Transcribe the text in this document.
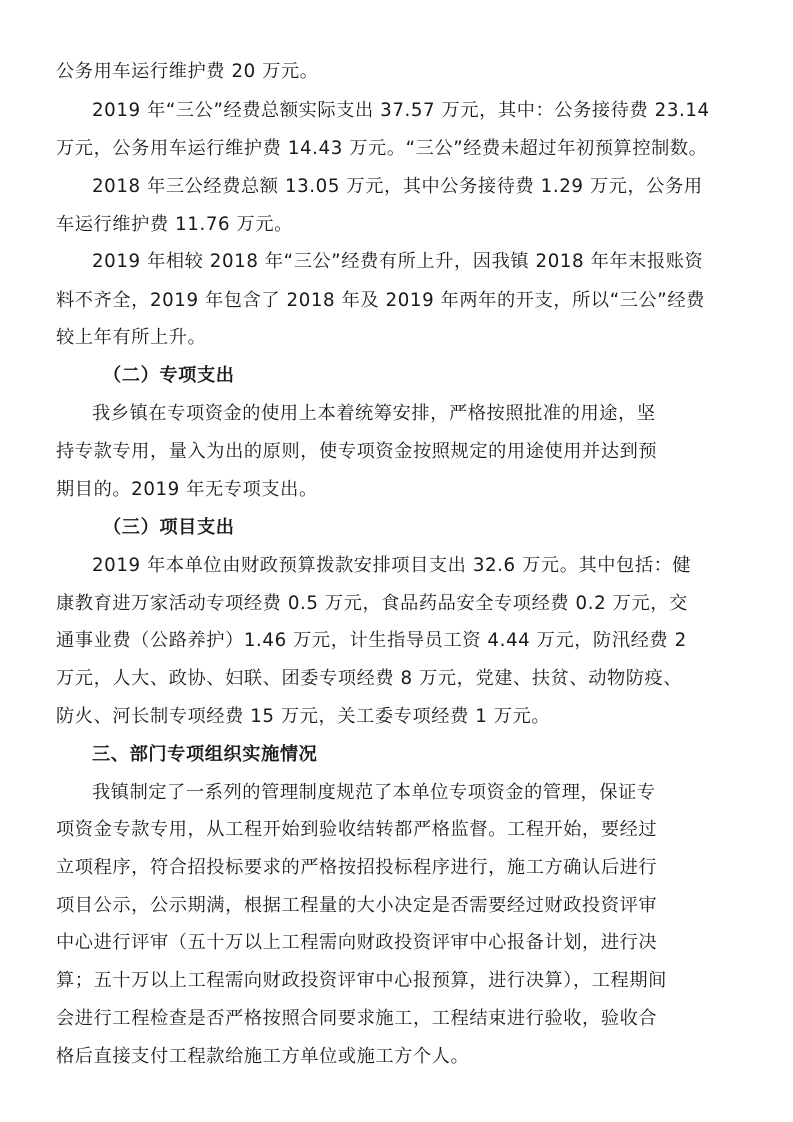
公务用车运行维护费 20 万元。
2019 年“三公”经费总额实际支出 37.57 万元，其中：公务接待费 23.14
万元，公务用车运行维护费 14.43 万元。“三公”经费未超过年初预算控制数。
2018 年三公经费总额 13.05 万元，其中公务接待费 1.29 万元，公务用
车运行维护费 11.76 万元。
2019 年相较 2018 年“三公”经费有所上升，因我镇 2018 年年末报账资
料不齐全，2019 年包含了 2018 年及 2019 年两年的开支，所以“三公”经费
较上年有所上升。
（二）专项支出
我乡镇在专项资金的使用上本着统筹安排，严格按照批准的用途，坚
持专款专用，量入为出的原则，使专项资金按照规定的用途使用并达到预
期目的。2019 年无专项支出。
（三）项目支出
2019 年本单位由财政预算拨款安排项目支出 32.6 万元。其中包括：健
康教育进万家活动专项经费 0.5 万元，食品药品安全专项经费 0.2 万元，交
通事业费（公路养护）1.46 万元，计生指导员工资 4.44 万元，防汛经费 2
万元，人大、政协、妇联、团委专项经费 8 万元，党建、扶贫、动物防疫、
防火、河长制专项经费 15 万元，关工委专项经费 1 万元。
三、部门专项组织实施情况
我镇制定了一系列的管理制度规范了本单位专项资金的管理，保证专
项资金专款专用，从工程开始到验收结转都严格监督。工程开始，要经过
立项程序，符合招投标要求的严格按招投标程序进行，施工方确认后进行
项目公示，公示期满，根据工程量的大小决定是否需要经过财政投资评审
中心进行评审（五十万以上工程需向财政投资评审中心报备计划，进行决
算；五十万以上工程需向财政投资评审中心报预算，进行决算），工程期间
会进行工程检查是否严格按照合同要求施工，工程结束进行验收，验收合
格后直接支付工程款给施工方单位或施工方个人。
